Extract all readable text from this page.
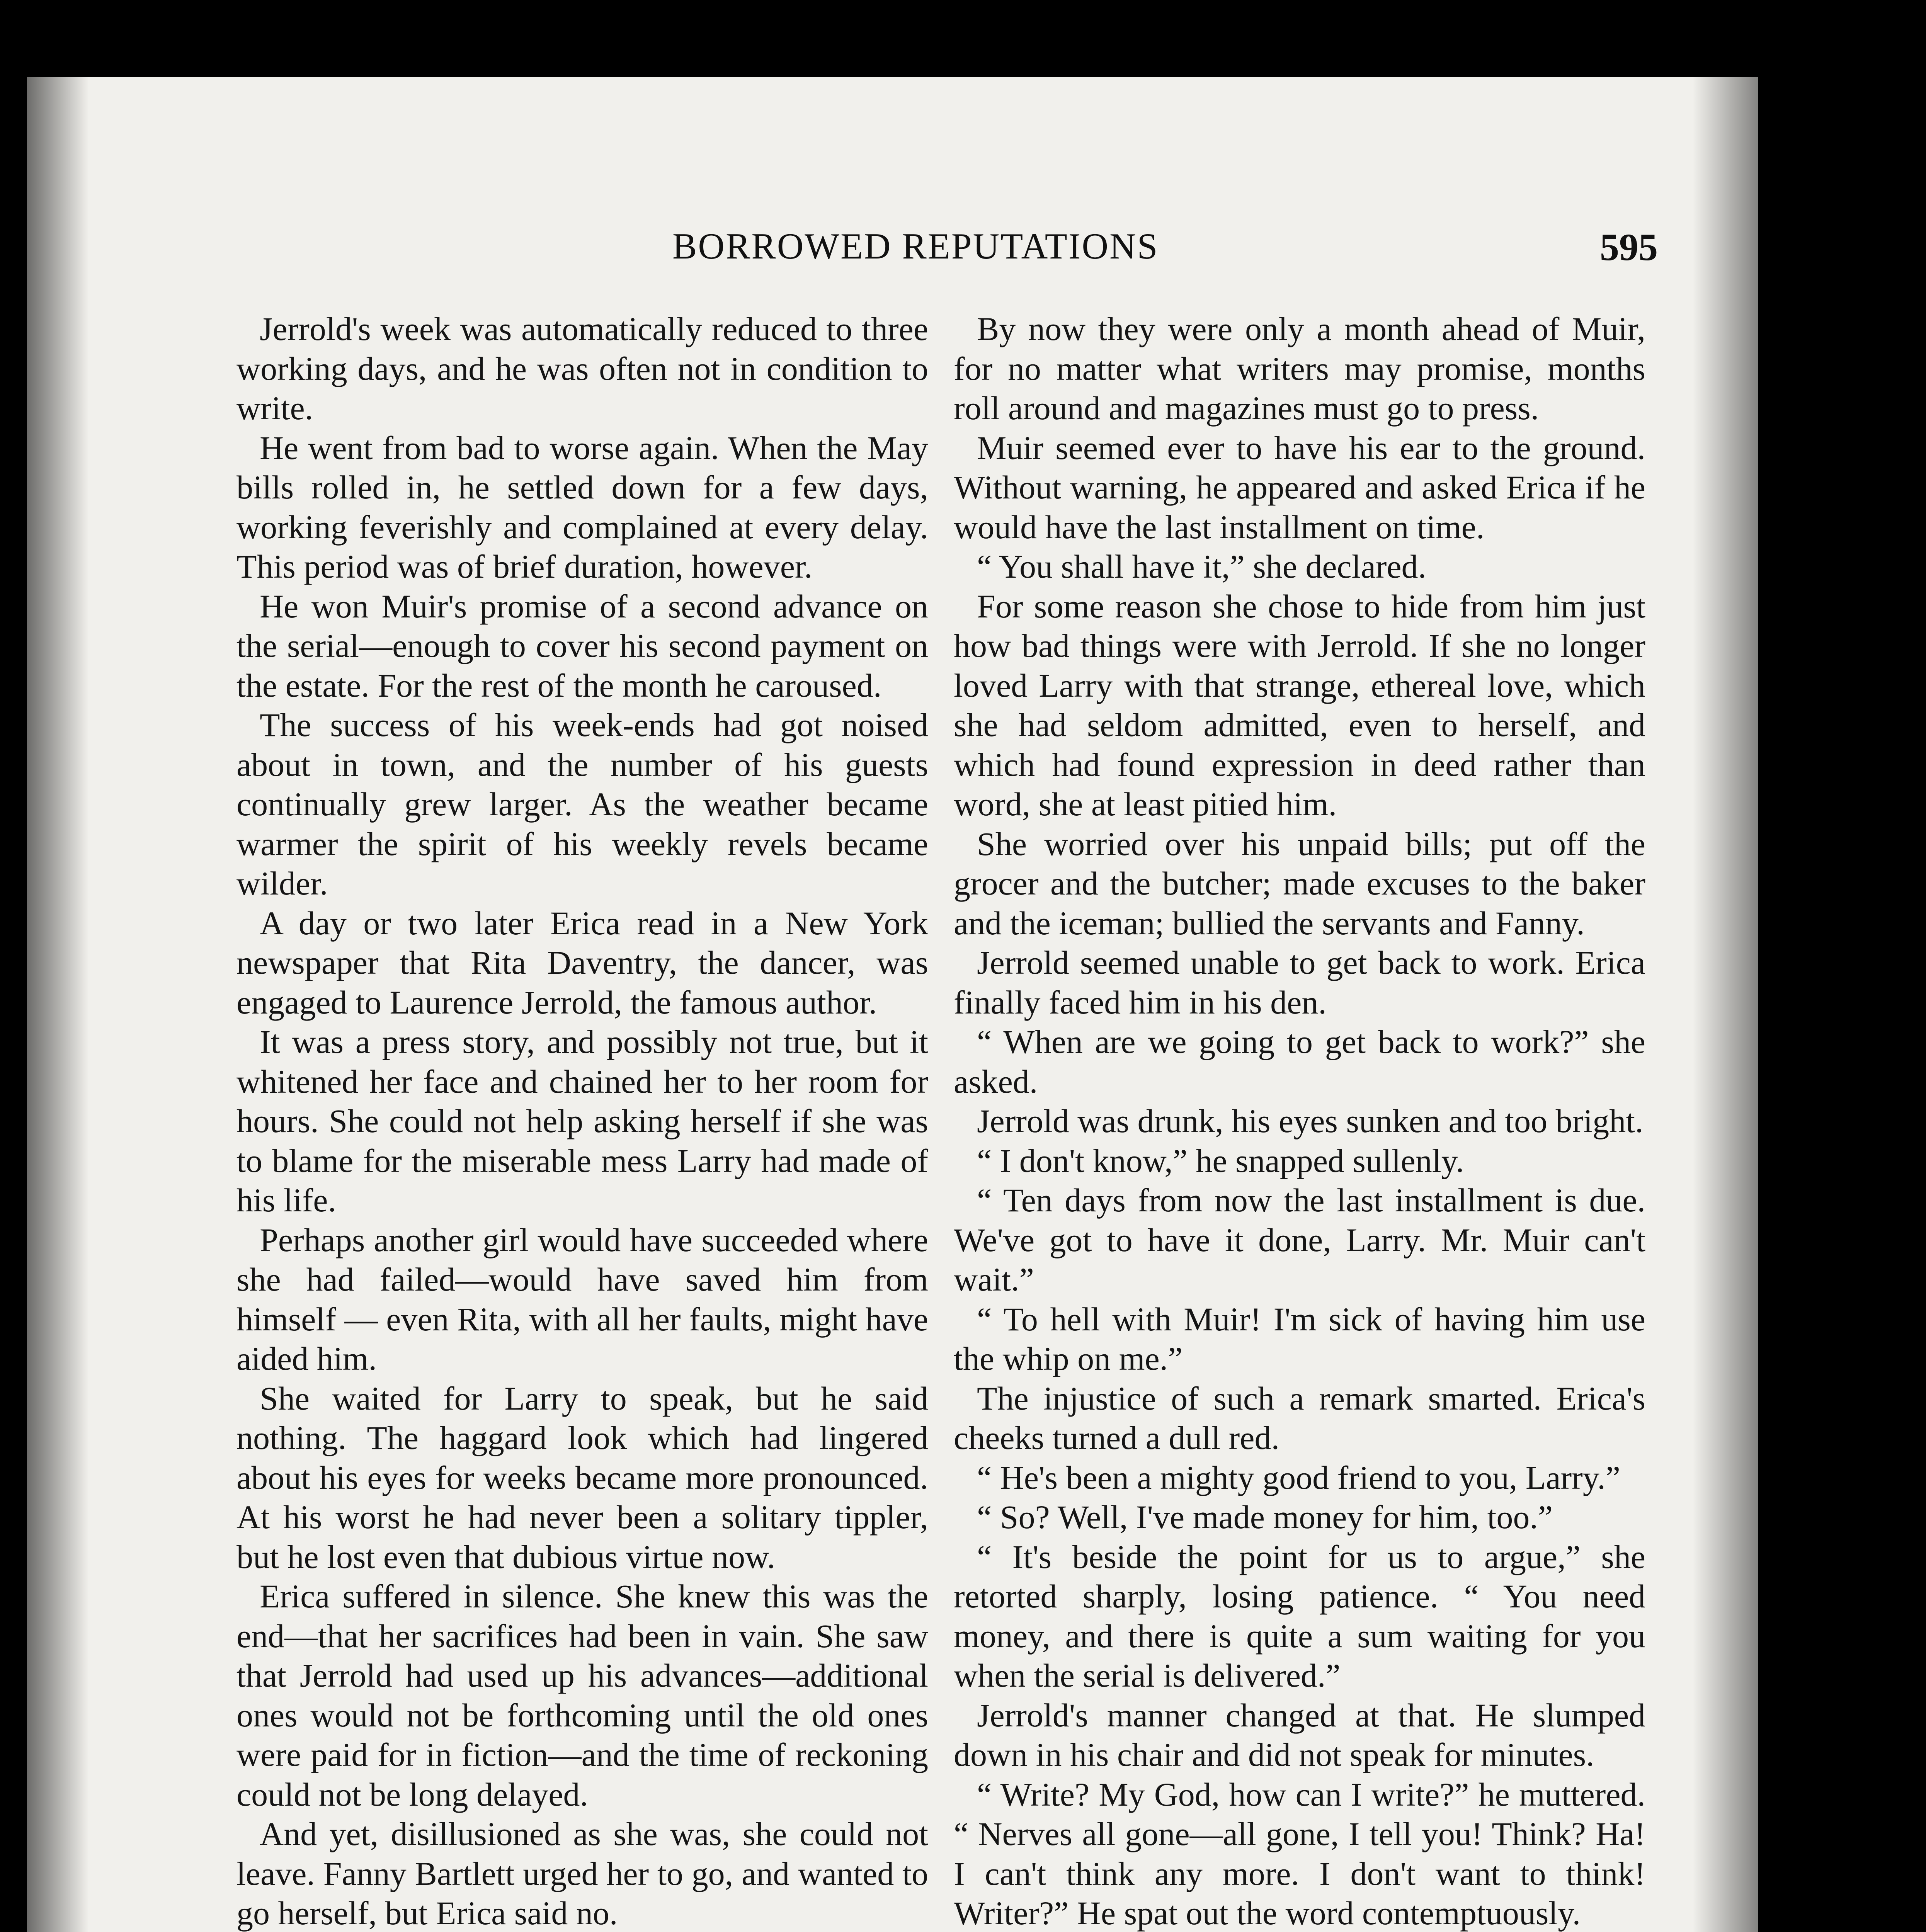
BORROWED REPUTATIONS	595

Jerrold's week was automatically reduced to three working days, and he was often not in condition to write.

He went from bad to worse again. When the May bills rolled in, he settled down for a few days, working feverishly and complained at every delay. This period was of brief duration, however.

He won Muir's promise of a second advance on the serial—enough to cover his second payment on the estate. For the rest of the month he caroused.

The success of his week-ends had got noised about in town, and the number of his guests continually grew larger. As the weather became warmer the spirit of his weekly revels became wilder.

A day or two later Erica read in a New York newspaper that Rita Daventry, the dancer, was engaged to Laurence Jerrold, the famous author.

It was a press story, and possibly not true, but it whitened her face and chained her to her room for hours. She could not help asking herself if she was to blame for the miserable mess Larry had made of his life.

Perhaps another girl would have succeeded where she had failed—would have saved him from himself — even Rita, with all her faults, might have aided him.

She waited for Larry to speak, but he said nothing. The haggard look which had lingered about his eyes for weeks became more pronounced. At his worst he had never been a solitary tippler, but he lost even that dubious virtue now.

Erica suffered in silence. She knew this was the end—that her sacrifices had been in vain. She saw that Jerrold had used up his advances—additional ones would not be forthcoming until the old ones were paid for in fiction—and the time of reckoning could not be long delayed.

And yet, disillusioned as she was, she could not leave. Fanny Bartlett urged her to go, and wanted to go herself, but Erica said no.

By now they were only a month ahead of Muir, for no matter what writers may promise, months roll around and magazines must go to press.

Muir seemed ever to have his ear to the ground. Without warning, he appeared and asked Erica if he would have the last installment on time.

“ You shall have it,” she declared.

For some reason she chose to hide from him just how bad things were with Jerrold. If she no longer loved Larry with that strange, ethereal love, which she had seldom admitted, even to herself, and which had found expression in deed rather than word, she at least pitied him.

She worried over his unpaid bills; put off the grocer and the butcher; made excuses to the baker and the iceman; bullied the servants and Fanny.

Jerrold seemed unable to get back to work. Erica finally faced him in his den.

“ When are we going to get back to work?” she asked.

Jerrold was drunk, his eyes sunken and too bright.

“ I don't know,” he snapped sullenly.

“ Ten days from now the last installment is due. We've got to have it done, Larry. Mr. Muir can't wait.”

“ To hell with Muir! I'm sick of having him use the whip on me.”

The injustice of such a remark smarted. Erica's cheeks turned a dull red.

“ He's been a mighty good friend to you, Larry.”

“ So? Well, I've made money for him, too.”

“ It's beside the point for us to argue,” she retorted sharply, losing patience. “ You need money, and there is quite a sum waiting for you when the serial is delivered.”

Jerrold's manner changed at that. He slumped down in his chair and did not speak for minutes.

“ Write? My God, how can I write?” he muttered. “ Nerves all gone—all gone, I tell you! Think? Ha! I can't think any more. I don't want to think! Writer?” He spat out the word contemptuously.
